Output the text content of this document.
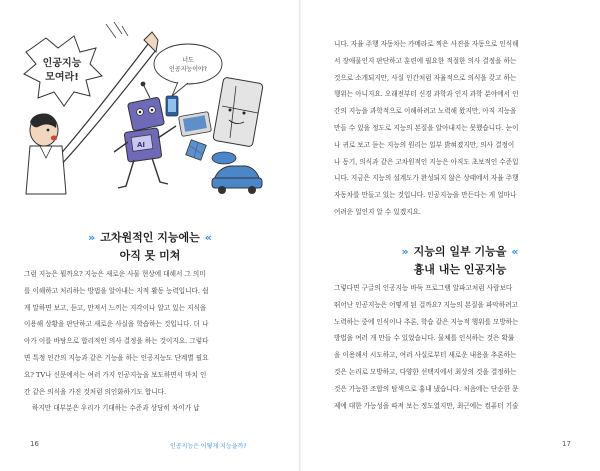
인공지능
모여라!
너도
인공지능이야?
AI
» 고차원적인 지능에는 «
아직 못 미쳐
그럼 지능은 뭘까요? 지능은 새로운 사물 현상에 대해서 그 의미
를 이해하고 처리하는 방법을 알아내는 지적 활동 능력입니다. 쉽
게 말하면 보고, 듣고, 만져서 느끼는 지각이나 알고 있는 지식을
이용해 상황을 판단하고 새로운 사실을 학습하는 것입니다. 더 나
아가 이를 바탕으로 합리적인 의사 결정을 하는 것이지요. 그렇다
면 특정 인간의 지능과 같은 기능을 하는 인공지능도 단계별 필요
요? TV나 신문에서는 여러 가지 인공지능을 보도하면서 마치 인
간 같은 의식을 가진 것처럼 의인화하기도 합니다.
하지만 대부분은 우리가 기대하는 수준과 상당히 차이가 납
16	인공지능은 어떻게 지능을까?
니다. 자율 주행 자동차는 카메라로 찍은 사진을 자동으로 인식해
서 장애물인지 판단하고 훈련에 필요한 적절한 의사 결정을 하는
것으로 소개되지만, 사실 인간처럼 자율적으로 의식을 갖고 하는
행위는 아니지요. 오래전부터 신경 과학과 인지 과학 분야에서 인
간의 지능을 과학적으로 이해하려고 노력해 왔지만, 아직 지능을
만들 수 있을 정도로 지능의 본질을 알아내지는 못했습니다. 눈이
나 귀로 보고 듣는 지능의 원리는 일부 밝혀졌지만, 의사 결정이
나 동기, 의식과 같은 고차원적인 지능은 아직도 초보적인 수준입
니다. 지금은 지능의 설계도가 완성되지 않은 상태에서 자율 주행
자동차를 만들고 있는 것입니다. 인공지능을 만든다는 게 얼마나
어려운 일인지 알 수 있겠지요.
» 지능의 일부 기능을 «
흉내 내는 인공지능
그렇다면 구글의 인공지능 바둑 프로그램 알파고처럼 사람보다
뛰어난 인공지능은 어떻게 된 걸까요? 지능의 본질을 파악하려고
노력하는 중에 인식이나 추론, 학습 같은 지능적 행위를 모방하는
방법을 여러 개 만들 수 있었습니다. 물체를 인식하는 것은 확률
을 이용해서 시도하고, 여러 사실로부터 새로운 내용을 추론하는
것은 논리로 모방하고, 다양한 선택지에서 최상의 것을 결정하는
것은 가능한 조합의 탐색으로 흉내 냈습니다. 처음에는 단순한 문
제에 대한 가능성을 따져 보는 정도였지만, 최근에는 컴퓨터 기술
17
